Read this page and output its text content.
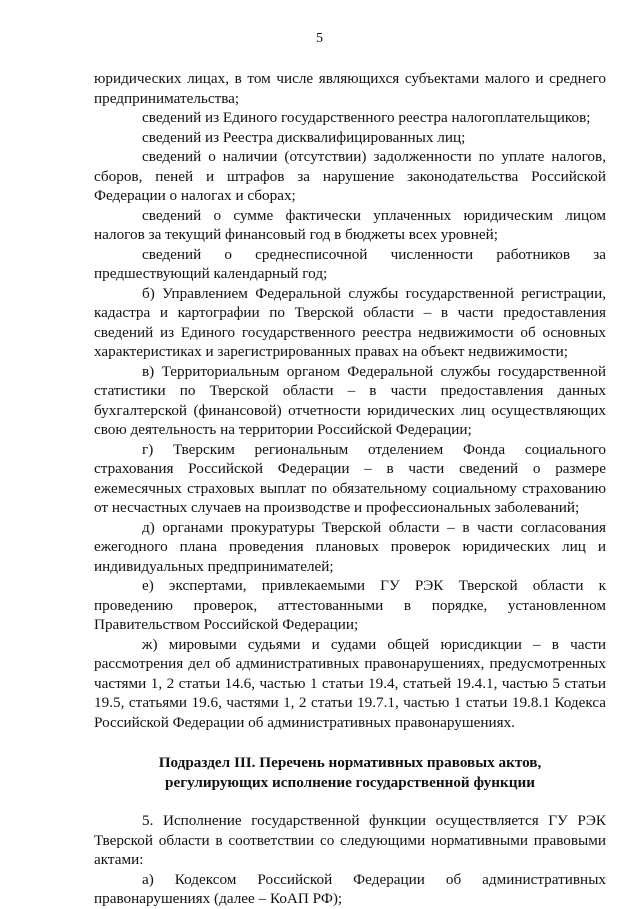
5

юридических лицах, в том числе являющихся субъектами малого и среднего предпринимательства;

сведений из Единого государственного реестра налогоплательщиков;

сведений из Реестра дисквалифицированных лиц;

сведений о наличии (отсутствии) задолженности по уплате налогов, сборов, пеней и штрафов за нарушение законодательства Российской Федерации о налогах и сборах;

сведений о сумме фактически уплаченных юридическим лицом налогов за текущий финансовый год в бюджеты всех уровней;

сведений о среднесписочной численности работников за предшествующий календарный год;

б) Управлением Федеральной службы государственной регистрации, кадастра и картографии по Тверской области – в части предоставления сведений из Единого государственного реестра недвижимости об основных характеристиках и зарегистрированных правах на объект недвижимости;

в) Территориальным органом Федеральной службы государственной статистики по Тверской области – в части предоставления данных бухгалтерской (финансовой) отчетности юридических лиц осуществляющих свою деятельность на территории Российской Федерации;

г) Тверским региональным отделением Фонда социального страхования Российской Федерации – в части сведений о размере ежемесячных страховых выплат по обязательному социальному страхованию от несчастных случаев на производстве и профессиональных заболеваний;

д) органами прокуратуры Тверской области – в части согласования ежегодного плана проведения плановых проверок юридических лиц и индивидуальных предпринимателей;

е) экспертами, привлекаемыми ГУ РЭК Тверской области к проведению проверок, аттестованными в порядке, установленном Правительством Российской Федерации;

ж) мировыми судьями и судами общей юрисдикции – в части рассмотрения дел об административных правонарушениях, предусмотренных частями 1, 2 статьи 14.6, частью 1 статьи 19.4, статьей 19.4.1, частью 5 статьи 19.5, статьями 19.6, частями 1, 2 статьи 19.7.1, частью 1 статьи 19.8.1 Кодекса Российской Федерации об административных правонарушениях.

Подраздел III. Перечень нормативных правовых актов,

регулирующих исполнение государственной функции

5. Исполнение государственной функции осуществляется ГУ РЭК Тверской области в соответствии со следующими нормативными правовыми актами:

а) Кодексом Российской Федерации об административных правонарушениях (далее – КоАП РФ);
